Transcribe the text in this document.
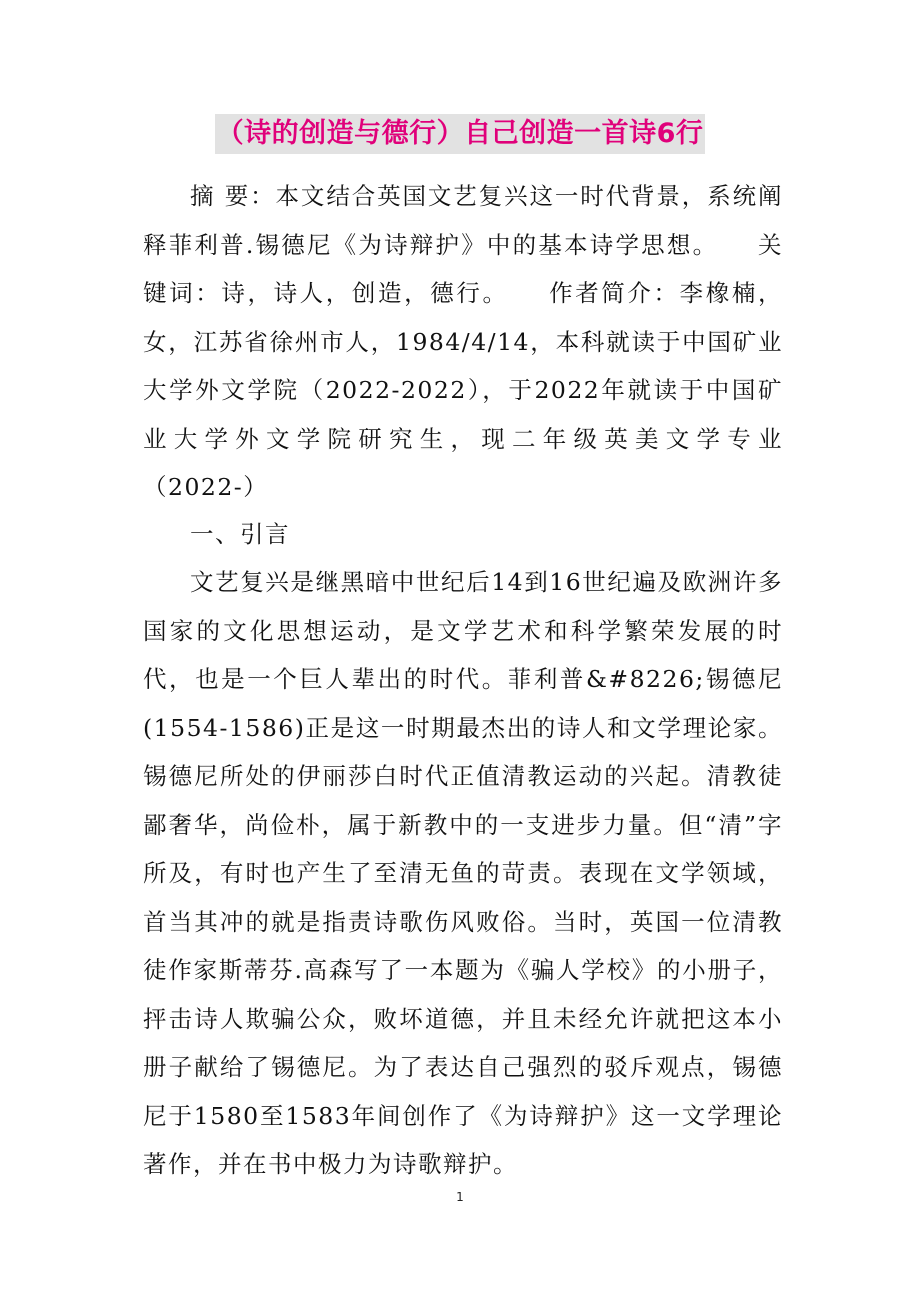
（诗的创造与德行）自己创造一首诗6行

摘 要：本文结合英国文艺复兴这一时代背景，系统阐释菲利普.锡德尼《为诗辩护》中的基本诗学思想。　　关键词：诗，诗人，创造，德行。　　作者简介：李橡楠，女，江苏省徐州市人，1984/4/14，本科就读于中国矿业大学外文学院（2022-2022），于2022年就读于中国矿业大学外文学院研究生，现二年级英美文学专业 （2022-）

一、引言

文艺复兴是继黑暗中世纪后14到16世纪遍及欧洲许多国家的文化思想运动，是文学艺术和科学繁荣发展的时代，也是一个巨人辈出的时代。菲利普&#8226;锡德尼(1554-1586)正是这一时期最杰出的诗人和文学理论家。锡德尼所处的伊丽莎白时代正值清教运动的兴起。清教徒鄙奢华，尚俭朴，属于新教中的一支进步力量。但“清”字所及，有时也产生了至清无鱼的苛责。表现在文学领域，首当其冲的就是指责诗歌伤风败俗。当时，英国一位清教徒作家斯蒂芬.高森写了一本题为《骗人学校》的小册子，抨击诗人欺骗公众，败坏道德，并且未经允许就把这本小册子献给了锡德尼。为了表达自己强烈的驳斥观点，锡德尼于1580至1583年间创作了《为诗辩护》这一文学理论著作，并在书中极力为诗歌辩护。

1
